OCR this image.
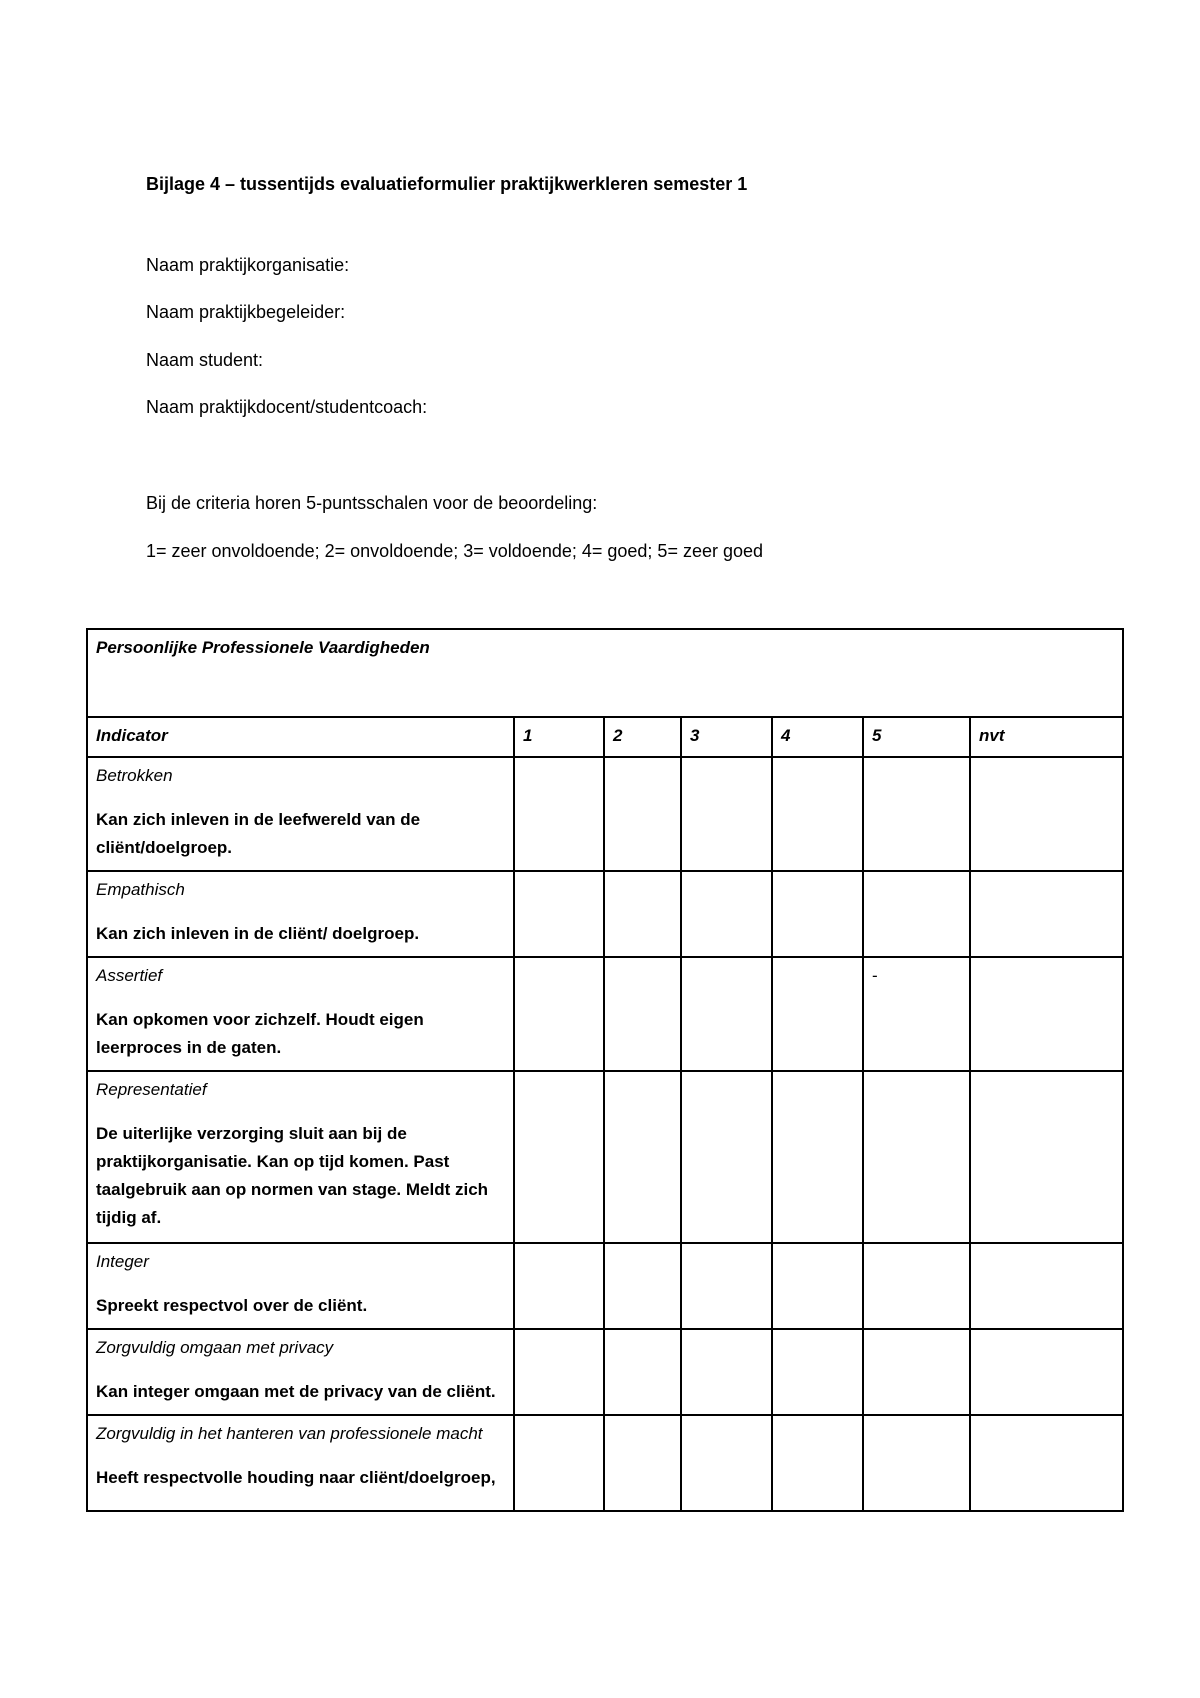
Bijlage 4 – tussentijds evaluatieformulier praktijkwerkleren semester 1
Naam praktijkorganisatie:
Naam praktijkbegeleider:
Naam student:
Naam praktijkdocent/studentcoach:
Bij de criteria horen 5-puntsschalen voor de beoordeling:
1= zeer onvoldoende; 2= onvoldoende; 3= voldoende; 4= goed; 5= zeer goed
Persoonlijke Professionele Vaardigheden						
Indicator	1	2	3	4	5	nvt

Betrokken
Kan zich inleven in de leefwereld van de cliënt/doelgroep.						

Empathisch
Kan zich inleven in de cliënt/ doelgroep.						

Assertief
Kan opkomen voor zichzelf. Houdt eigen leerproces in de gaten.					-	

Representatief
De uiterlijke verzorging sluit aan bij de praktijkorganisatie. Kan op tijd komen. Past taalgebruik aan op normen van stage. Meldt zich tijdig af.						

Integer
Spreekt respectvol over de cliënt.						

Zorgvuldig omgaan met privacy
Kan integer omgaan met de privacy van de cliënt.						

Zorgvuldig in het hanteren van professionele macht
Heeft respectvolle houding naar cliënt/doelgroep,						
